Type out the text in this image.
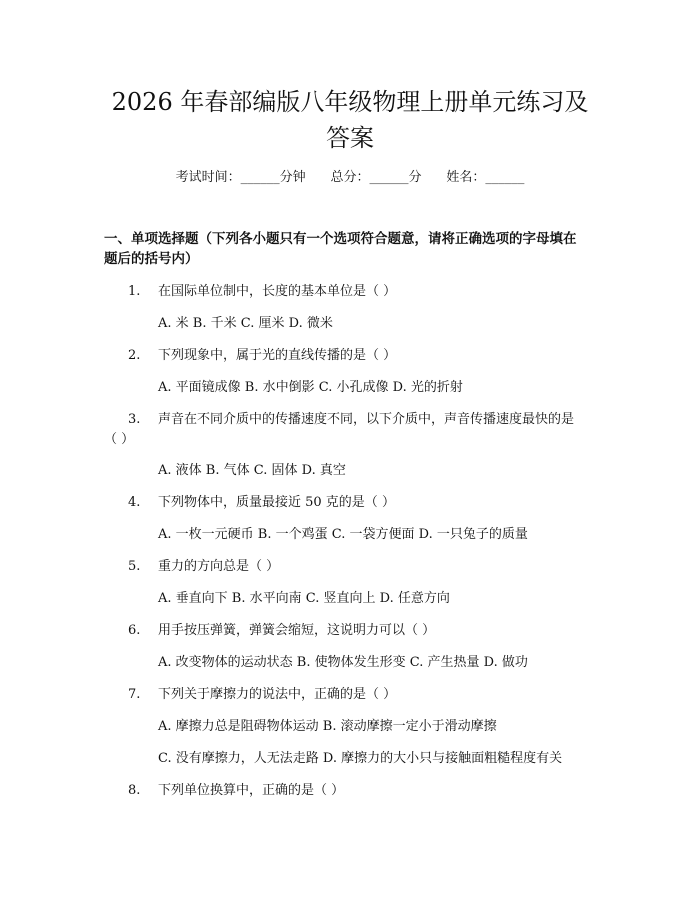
2026 年春部编版八年级物理上册单元练习及
答案
考试时间：______分钟 总分：______分 姓名：______
一、单项选择题（下列各小题只有一个选项符合题意，请将正确选项的字母填在
题后的括号内）
1. 在国际单位制中，长度的基本单位是（ ）
A. 米 B. 千米 C. 厘米 D. 微米
2. 下列现象中，属于光的直线传播的是（ ）
A. 平面镜成像 B. 水中倒影 C. 小孔成像 D. 光的折射
3. 声音在不同介质中的传播速度不同，以下介质中，声音传播速度最快的是
（ ）
A. 液体 B. 气体 C. 固体 D. 真空
4. 下列物体中，质量最接近 50 克的是（ ）
A. 一枚一元硬币 B. 一个鸡蛋 C. 一袋方便面 D. 一只兔子的质量
5. 重力的方向总是（ ）
A. 垂直向下 B. 水平向南 C. 竖直向上 D. 任意方向
6. 用手按压弹簧，弹簧会缩短，这说明力可以（ ）
A. 改变物体的运动状态 B. 使物体发生形变 C. 产生热量 D. 做功
7. 下列关于摩擦力的说法中，正确的是（ ）
A. 摩擦力总是阻碍物体运动 B. 滚动摩擦一定小于滑动摩擦
C. 没有摩擦力，人无法走路 D. 摩擦力的大小只与接触面粗糙程度有关
8. 下列单位换算中，正确的是（ ）
